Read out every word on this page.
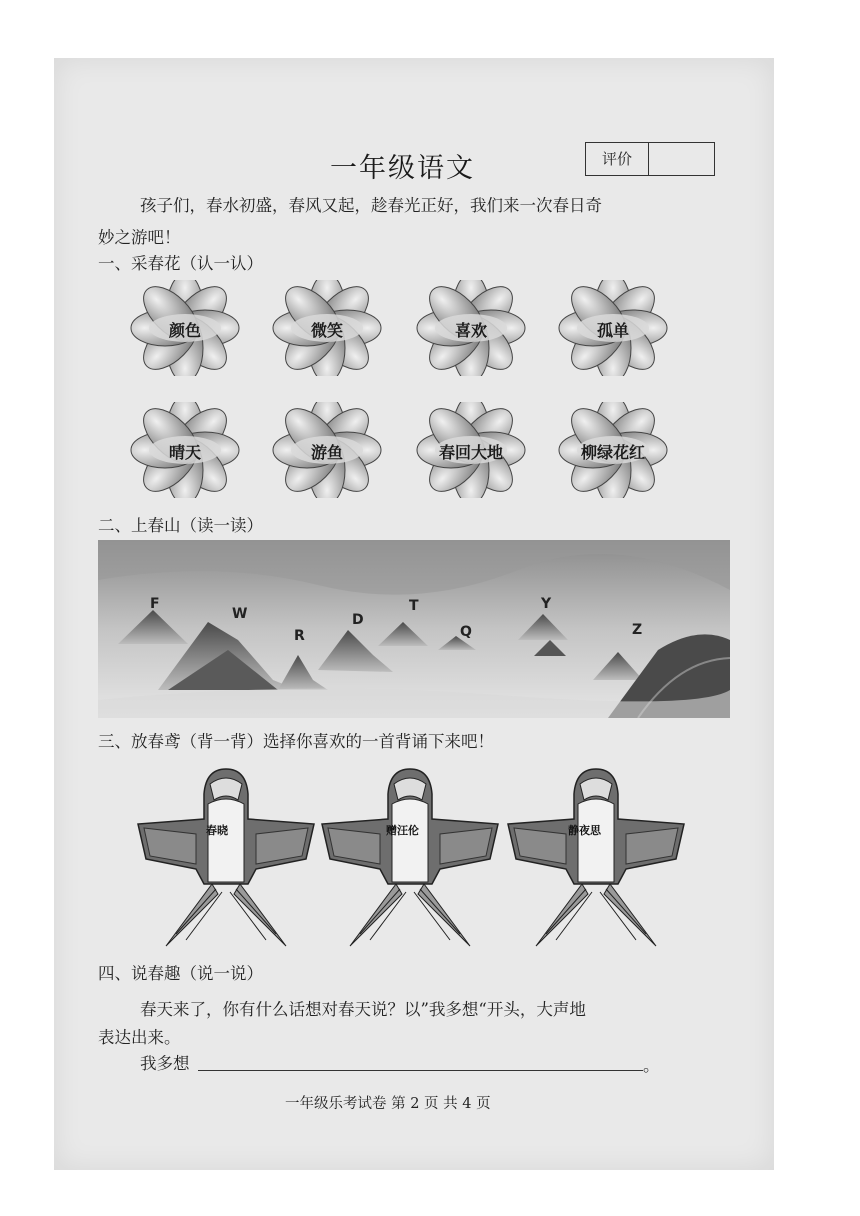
一年级语文	评价
孩子们，春水初盛，春风又起，趁春光正好，我们来一次春日奇
妙之游吧！
一、采春花（认一认）
颜色	微笑	喜欢	孤单
晴天	游鱼	春回大地	柳绿花红
二、上春山（读一读）
F
W
R
D
T
Q
Y
Z
三、放春鸢（背一背）选择你喜欢的一首背诵下来吧！
春晓	赠汪伦	静夜思
四、说春趣（说一说）
春天来了，你有什么话想对春天说？以”我多想“开头，大声地
表达出来。
我多想	。
一年级乐考试卷 第 2 页 共 4 页
